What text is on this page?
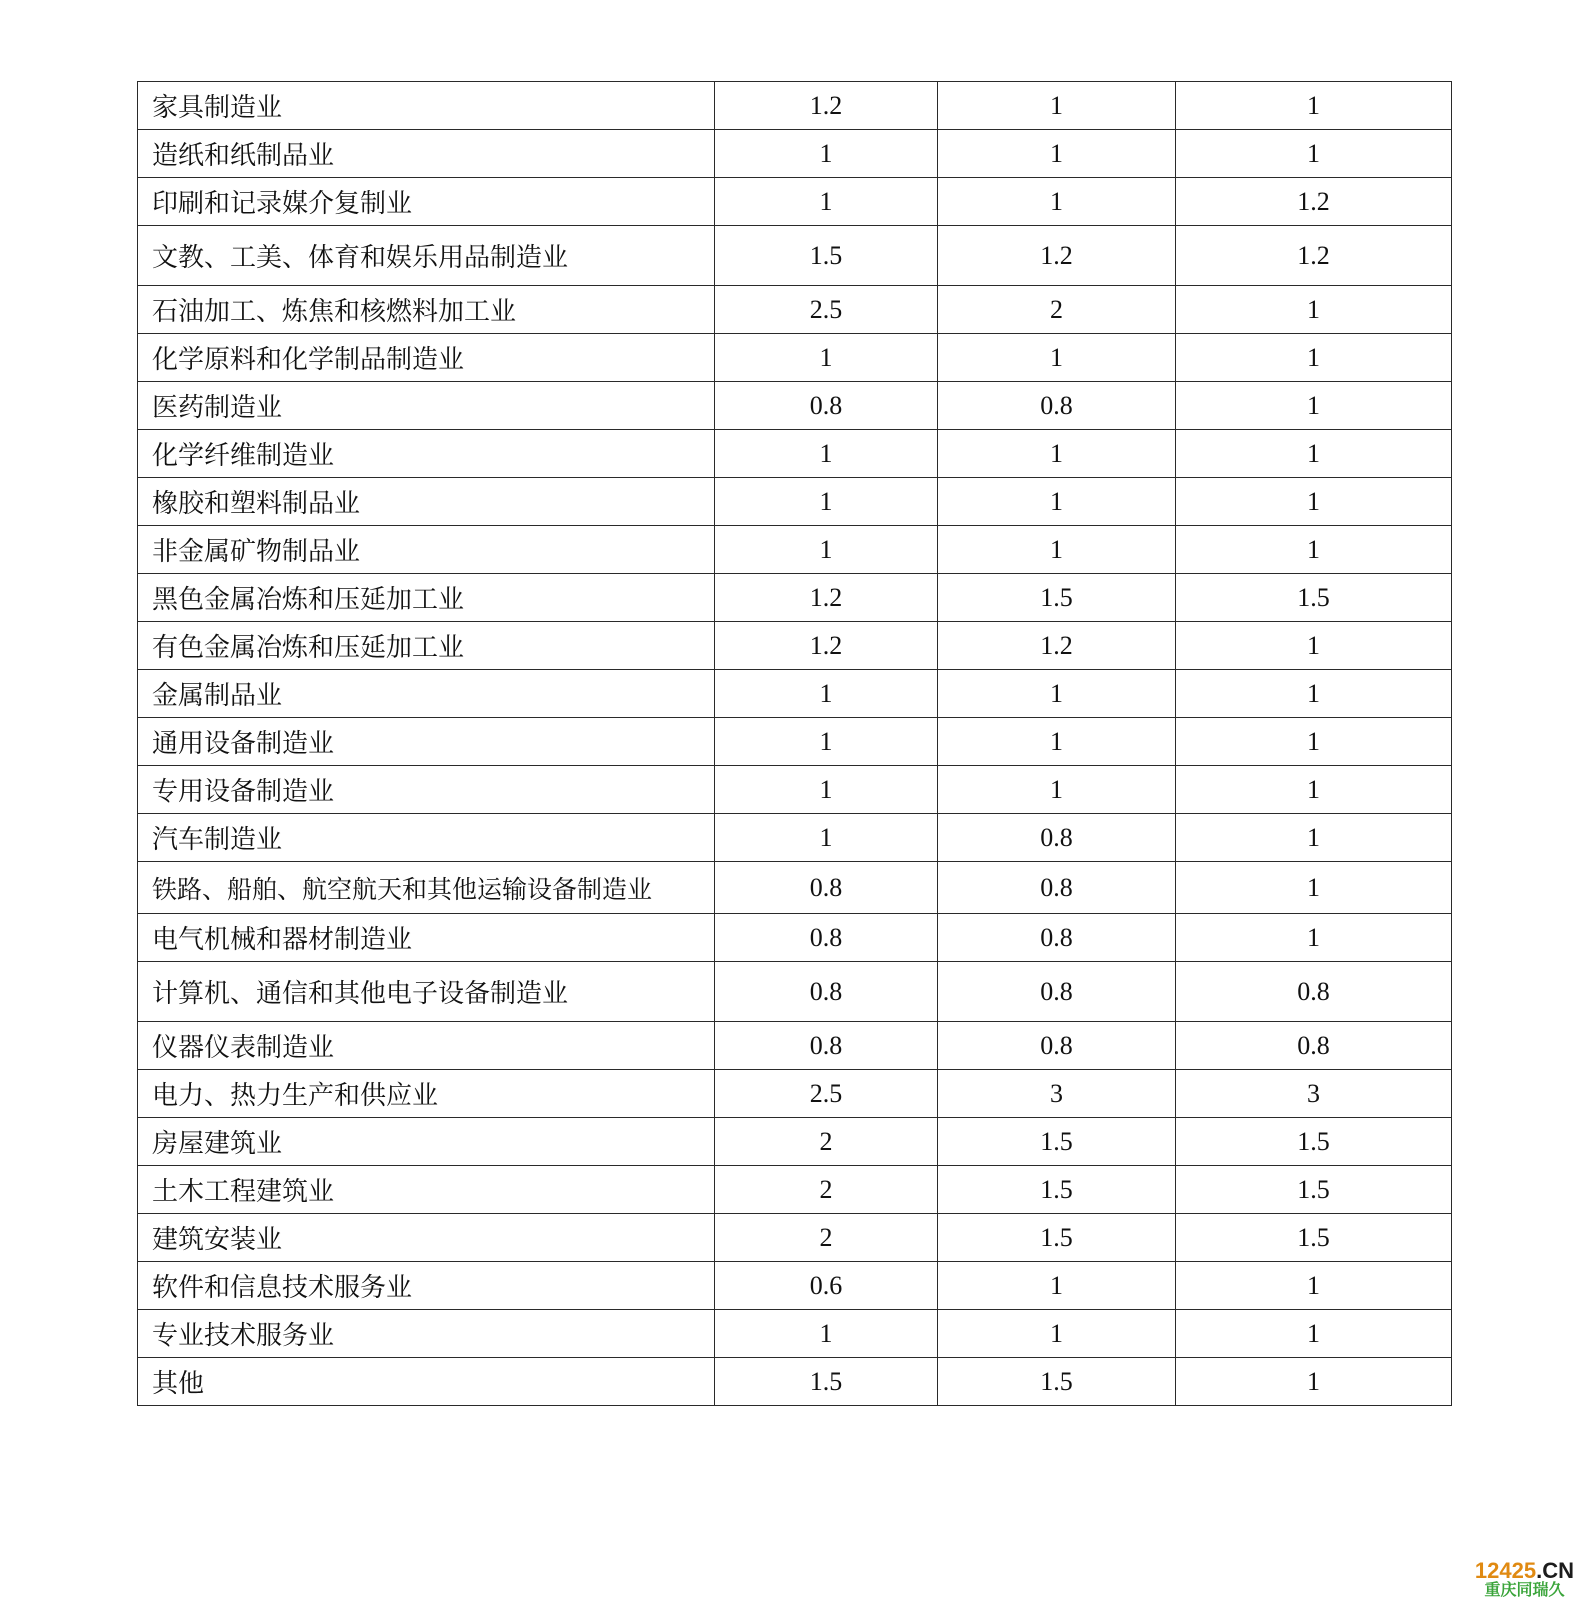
家具制造业	1.2	1	1
造纸和纸制品业	1	1	1
印刷和记录媒介复制业	1	1	1.2
文教、工美、体育和娱乐用品制造业	1.5	1.2	1.2
石油加工、炼焦和核燃料加工业	2.5	2	1
化学原料和化学制品制造业	1	1	1
医药制造业	0.8	0.8	1
化学纤维制造业	1	1	1
橡胶和塑料制品业	1	1	1
非金属矿物制品业	1	1	1
黑色金属冶炼和压延加工业	1.2	1.5	1.5
有色金属冶炼和压延加工业	1.2	1.2	1
金属制品业	1	1	1
通用设备制造业	1	1	1
专用设备制造业	1	1	1
汽车制造业	1	0.8	1
铁路、船舶、航空航天和其他运输设备制造业	0.8	0.8	1
电气机械和器材制造业	0.8	0.8	1
计算机、通信和其他电子设备制造业	0.8	0.8	0.8
仪器仪表制造业	0.8	0.8	0.8
电力、热力生产和供应业	2.5	3	3
房屋建筑业	2	1.5	1.5
土木工程建筑业	2	1.5	1.5
建筑安装业	2	1.5	1.5
软件和信息技术服务业	0.6	1	1
专业技术服务业	1	1	1
其他	1.5	1.5	1
12425.CN
重庆同瑞久
